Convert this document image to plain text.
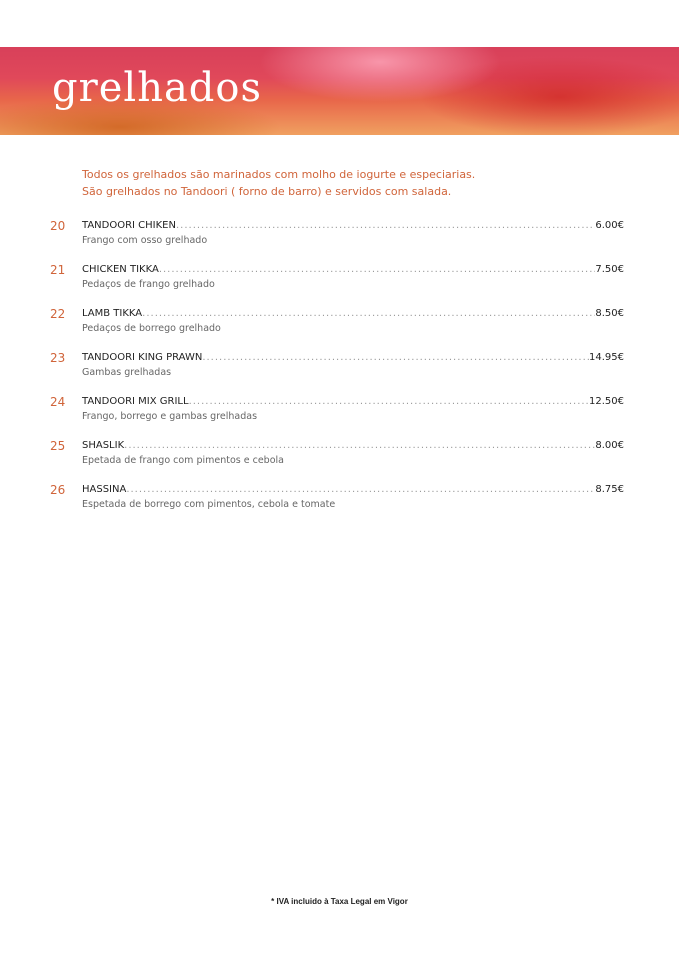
grelhados
Todos os grelhados são marinados com molho de iogurte e especiarias.
São grelhados no Tandoori ( forno de barro) e servidos com salada.
20 TANDOORI CHIKEN .....	6.00€
Frango com osso grelhado
21 CHICKEN TIKKA .....	7.50€
Pedaços de frango grelhado
22 LAMB TIKKA .....	8.50€
Pedaços de borrego grelhado
23 TANDOORI KING PRAWN .....	14.95€
Gambas grelhadas
24 TANDOORI MIX GRILL .....	12.50€
Frango, borrego e gambas grelhadas
25 SHASLIK .....	8.00€
Epetada de frango com pimentos e cebola
26 HASSINA .....	8.75€
Espetada de borrego com pimentos, cebola e tomate
* IVA incluido à Taxa Legal em Vigor
